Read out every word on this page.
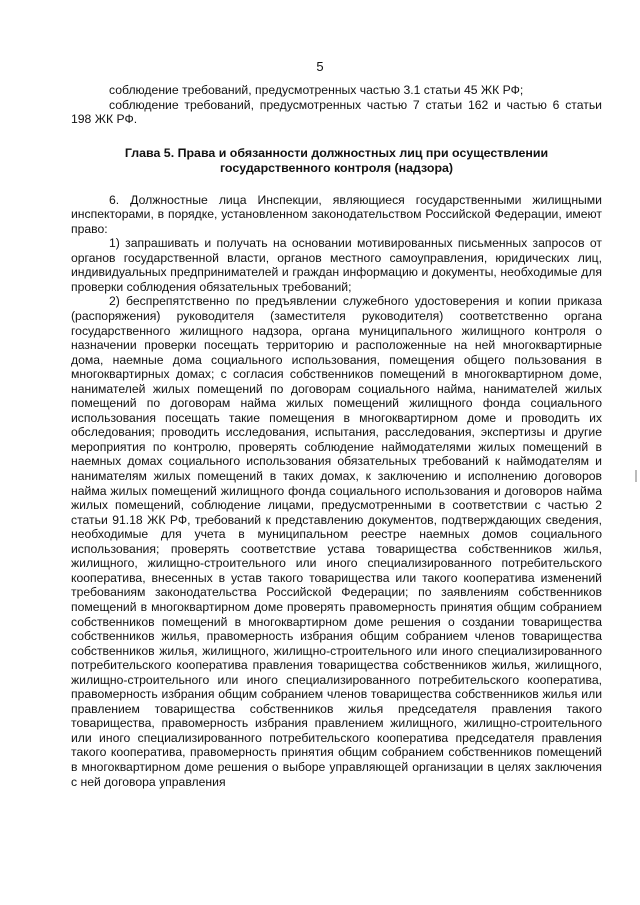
5

соблюдение требований, предусмотренных частью 3.1 статьи 45 ЖК РФ;

соблюдение требований, предусмотренных частью 7 статьи 162 и частью 6 статьи 198 ЖК РФ.

Глава 5. Права и обязанности должностных лиц при осуществлении государственного контроля (надзора)

6. Должностные лица Инспекции, являющиеся государственными жилищными инспекторами, в порядке, установленном законодательством Российской Федерации, имеют право:

1) запрашивать и получать на основании мотивированных письменных запросов от органов государственной власти, органов местного самоуправления, юридических лиц, индивидуальных предпринимателей и граждан информацию и документы, необходимые для проверки соблюдения обязательных требований;

2) беспрепятственно по предъявлении служебного удостоверения и копии приказа (распоряжения) руководителя (заместителя руководителя) соответственно органа государственного жилищного надзора, органа муниципального жилищного контроля о назначении проверки посещать территорию и расположенные на ней многоквартирные дома, наемные дома социального использования, помещения общего пользования в многоквартирных домах; с согласия собственников помещений в многоквартирном доме, нанимателей жилых помещений по договорам социального найма, нанимателей жилых помещений по договорам найма жилых помещений жилищного фонда социального использования посещать такие помещения в многоквартирном доме и проводить их обследования; проводить исследования, испытания, расследования, экспертизы и другие мероприятия по контролю, проверять соблюдение наймодателями жилых помещений в наемных домах социального использования обязательных требований к наймодателям и нанимателям жилых помещений в таких домах, к заключению и исполнению договоров найма жилых помещений жилищного фонда социального использования и договоров найма жилых помещений, соблюдение лицами, предусмотренными в соответствии с частью 2 статьи 91.18 ЖК РФ, требований к представлению документов, подтверждающих сведения, необходимые для учета в муниципальном реестре наемных домов социального использования; проверять соответствие устава товарищества собственников жилья, жилищного, жилищно-строительного или иного специализированного потребительского кооператива, внесенных в устав такого товарищества или такого кооператива изменений требованиям законодательства Российской Федерации; по заявлениям собственников помещений в многоквартирном доме проверять правомерность принятия общим собранием собственников помещений в многоквартирном доме решения о создании товарищества собственников жилья, правомерность избрания общим собранием членов товарищества собственников жилья, жилищного, жилищно-строительного или иного специализированного потребительского кооператива правления товарищества собственников жилья, жилищного, жилищно-строительного или иного специализированного потребительского кооператива, правомерность избрания общим собранием членов товарищества собственников жилья или правлением товарищества собственников жилья председателя правления такого товарищества, правомерность избрания правлением жилищного, жилищно-строительного или иного специализированного потребительского кооператива председателя правления такого кооператива, правомерность принятия общим собранием собственников помещений в многоквартирном доме решения о выборе управляющей организации в целях заключения с ней договора управления
